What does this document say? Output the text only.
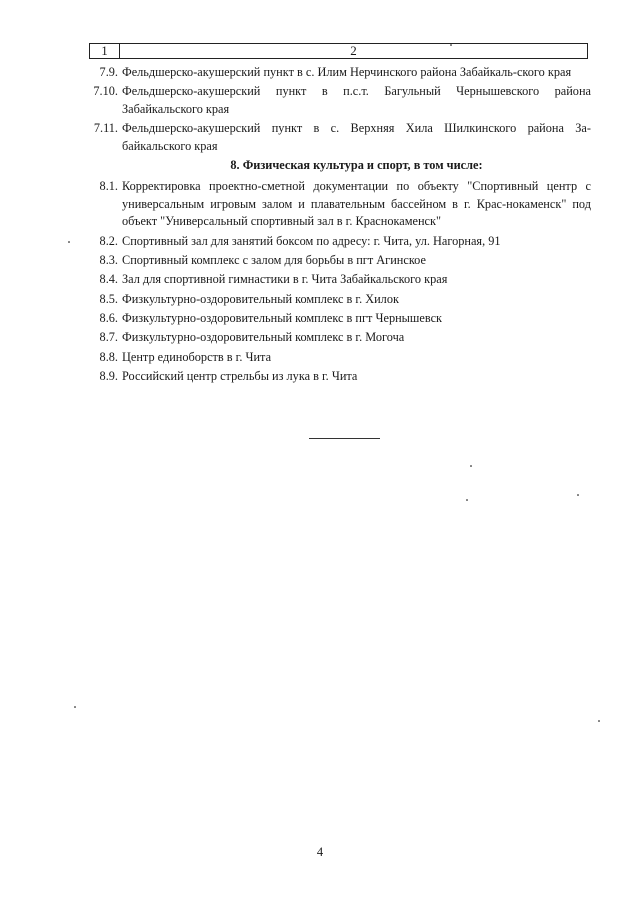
1	2
7.9. Фельдшерско-акушерский пункт в с. Илим Нерчинского района Забайкаль-ского края
7.10. Фельдшерско-акушерский пункт в п.с.т. Багульный Чернышевского района Забайкальского края
7.11. Фельдшерско-акушерский пункт в с. Верхняя Хила Шилкинского района За-байкальского края
8. Физическая культура и спорт, в том числе:
8.1. Корректировка проектно-сметной документации по объекту "Спортивный центр с универсальным игровым залом и плавательным бассейном в г. Крас-нокаменск" под объект "Универсальный спортивный зал в г. Краснокаменск"
8.2. Спортивный зал для занятий боксом по адресу: г. Чита, ул. Нагорная, 91
8.3. Спортивный комплекс с залом для борьбы в пгт Агинское
8.4. Зал для спортивной гимнастики в г. Чита Забайкальского края
8.5. Физкультурно-оздоровительный комплекс в г. Хилок
8.6. Физкультурно-оздоровительный комплекс в пгт Чернышевск
8.7. Физкультурно-оздоровительный комплекс в г. Могоча
8.8. Центр единоборств в г. Чита
8.9. Российский центр стрельбы из лука в г. Чита
4
